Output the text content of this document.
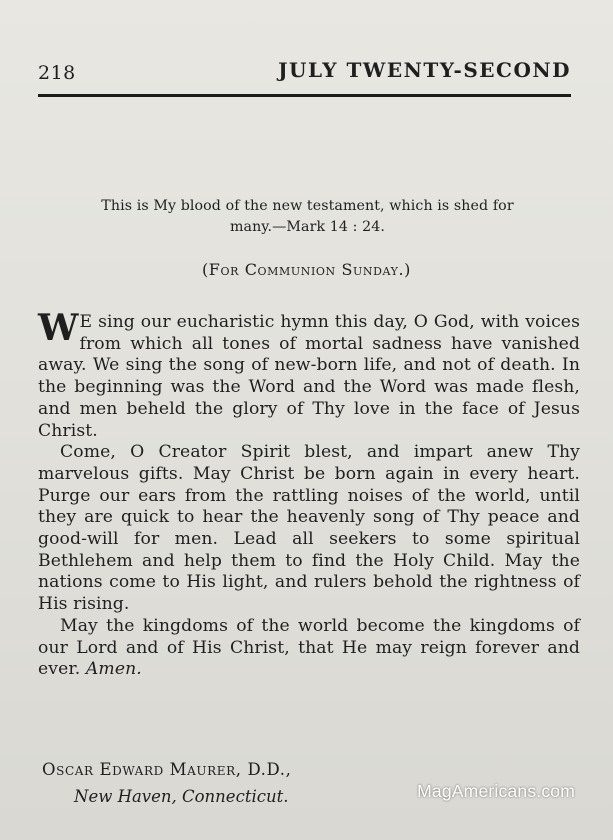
218	JULY TWENTY-SECOND
This is My blood of the new testament, which is shed for
many.—Mark 14 : 24.
(For Communion Sunday.)

W E sing our eucharistic hymn this day, O God, with voices from which all tones of mortal sadness have vanished away. We sing the song of new-born life, and not of death. In the beginning was the Word and the Word was made flesh, and men beheld the glory of Thy love in the face of Jesus Christ.

Come, O Creator Spirit blest, and impart anew Thy marvelous gifts. May Christ be born again in every heart. Purge our ears from the rattling noises of the world, until they are quick to hear the heavenly song of Thy peace and good-will for men. Lead all seekers to some spiritual Bethlehem and help them to find the Holy Child. May the nations come to His light, and rulers behold the rightness of His rising.

May the kingdoms of the world become the kingdoms of our Lord and of His Christ, that He may reign forever and ever. Amen.

Oscar Edward Maurer, D.D.,
New Haven, Connecticut.	MagAmericans.com
